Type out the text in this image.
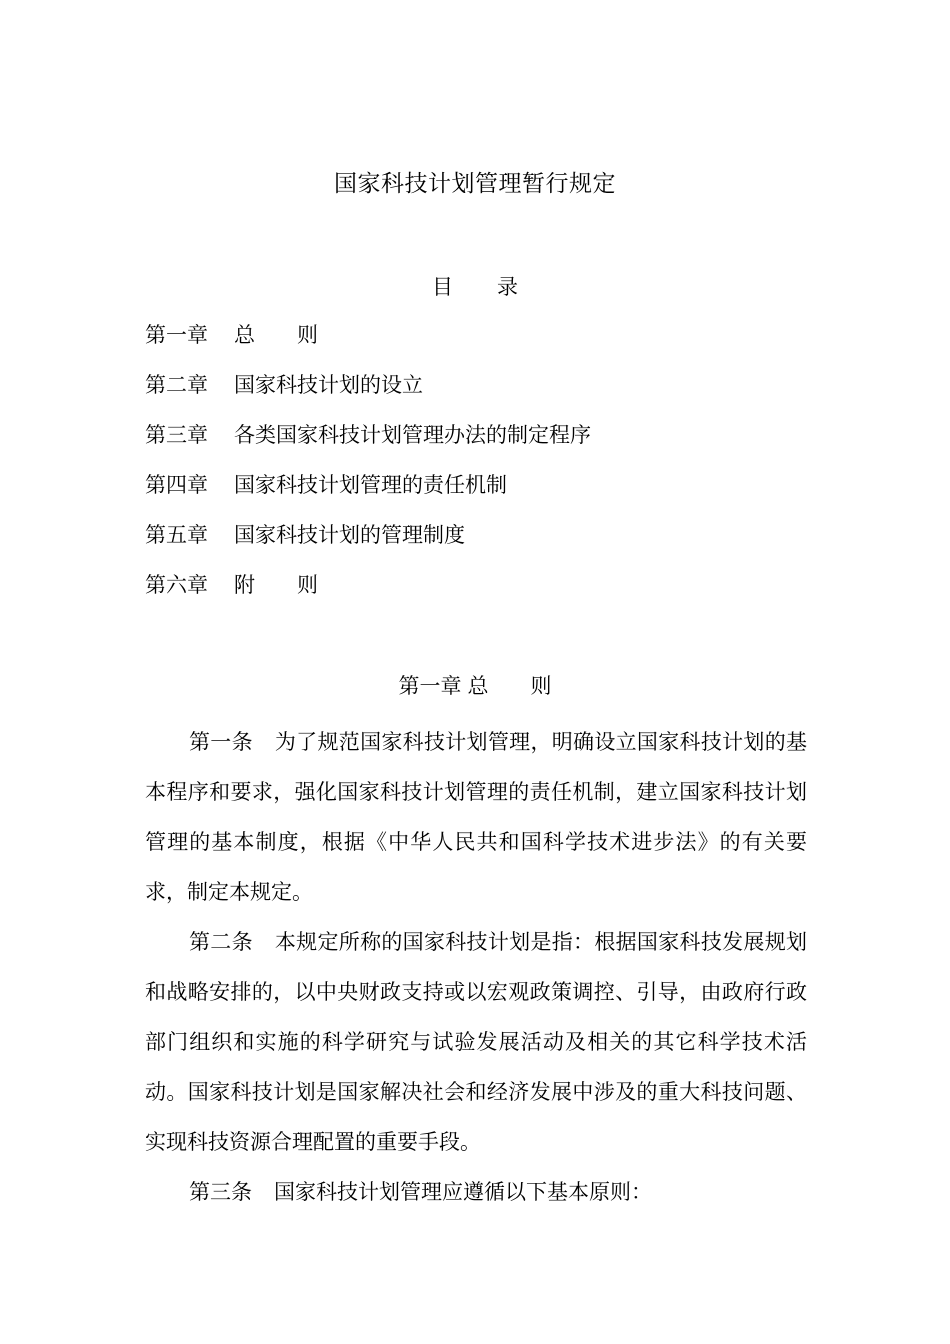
国家科技计划管理暂行规定
目 录
第一章 总　　则
第二章 国家科技计划的设立
第三章 各类国家科技计划管理办法的制定程序
第四章 国家科技计划管理的责任机制
第五章 国家科技计划的管理制度
第六章 附　　则
第一章 总　　则

第一条 为了规范国家科技计划管理，明确设立国家科技计划的基本程序和要求，强化国家科技计划管理的责任机制，建立国家科技计划管理的基本制度，根据《中华人民共和国科学技术进步法》的有关要求，制定本规定。

第二条 本规定所称的国家科技计划是指：根据国家科技发展规划和战略安排的，以中央财政支持或以宏观政策调控、引导，由政府行政部门组织和实施的科学研究与试验发展活动及相关的其它科学技术活动。国家科技计划是国家解决社会和经济发展中涉及的重大科技问题、实现科技资源合理配置的重要手段。

第三条 国家科技计划管理应遵循以下基本原则：
